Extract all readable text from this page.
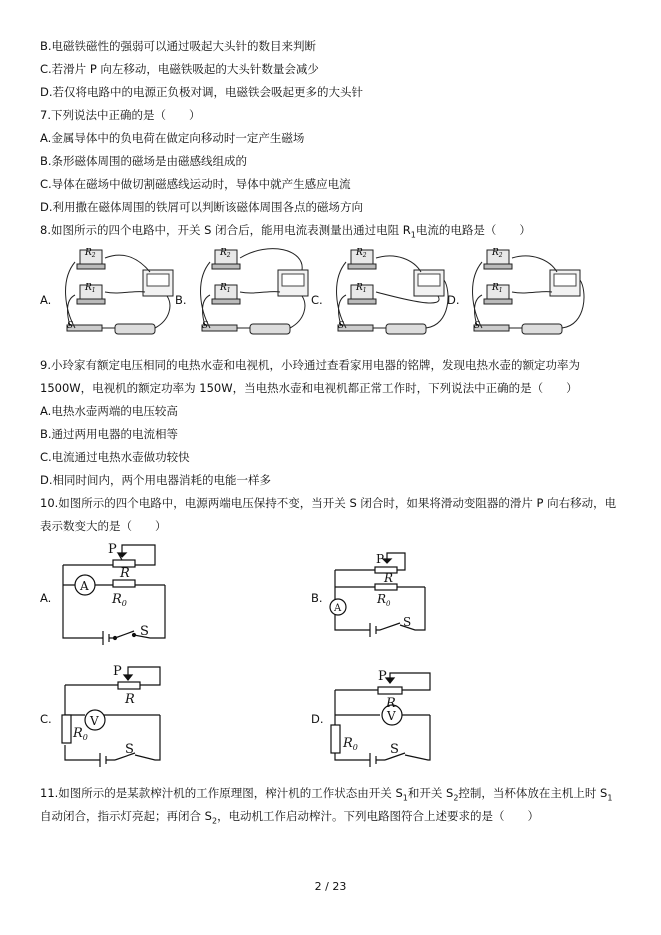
B.电磁铁磁性的强弱可以通过吸起大头针的数目来判断
C.若滑片 P 向左移动，电磁铁吸起的大头针数量会减少
D.若仅将电路中的电源正负极对调，电磁铁会吸起更多的大头针
7.下列说法中正确的是（　　）
A.金属导体中的负电荷在做定向移动时一定产生磁场
B.条形磁体周围的磁场是由磁感线组成的
C.导体在磁场中做切割磁感线运动时，导体中就产生感应电流
D.利用撒在磁体周围的铁屑可以判断该磁体周围各点的磁场方向
8.如图所示的四个电路中，开关 S 闭合后，能用电流表测量出通过电阻 $R_1$电流的电路是（　　）
A.	B.	C.	D.
$R_2$
$R_1$
S
$R_2$
$R_1$
S
$R_2$
$R_1$
S
$R_2$
$R_1$
S
9.小玲家有额定电压相同的电热水壶和电视机，小玲通过查看家用电器的铭牌，发现电热水壶的额定功率为
1500W，电视机的额定功率为 150W，当电热水壶和电视机都正常工作时，下列说法中正确的是（　　）
A.电热水壶两端的电压较高
B.通过两用电器的电流相等
C.电流通过电热水壶做功较快
D.相同时间内，两个用电器消耗的电能一样多
10.如图所示的四个电路中，电源两端电压保持不变，当开关 S 闭合时，如果将滑动变阻器的滑片 P 向右移动，电
表示数变大的是（　　）
A.	B.
C.	D.
P
R
$R_0$
A
S
P
R
$R_0$
A
S
P
R
$R_0$
V
S
P
R
$R_0$
V
S
11.如图所示的是某款榨汁机的工作原理图，榨汁机的工作状态由开关 $S_1$和开关 $S_2$控制，当杯体放在主机上时 $S_1$
自动闭合，指示灯亮起；再闭合 $S_2$，电动机工作启动榨汁。下列电路图符合上述要求的是（　　）
2 / 23
